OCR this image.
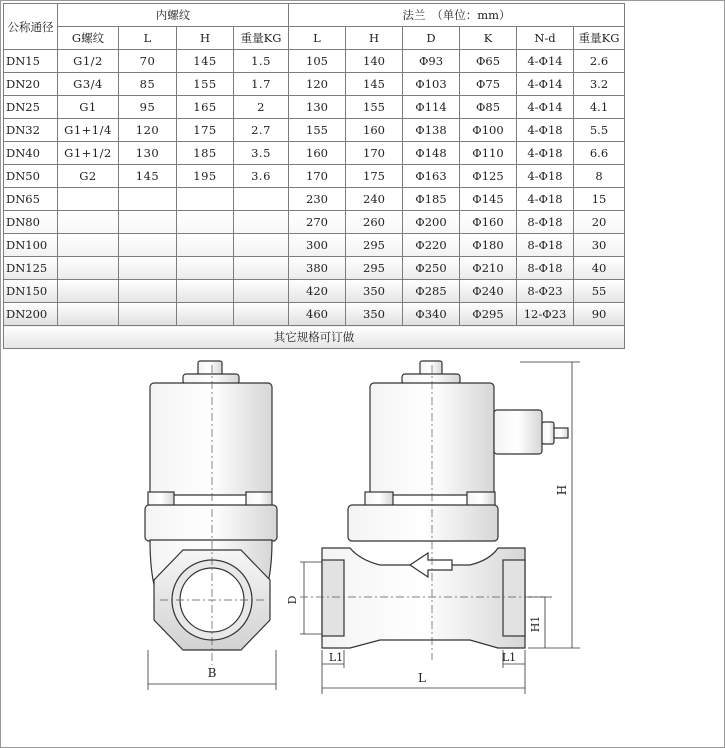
公称通径	内螺纹				法兰　（单位：mm）					
	G螺纹	L	H	重量KG	L	H	D	K	N-d	重量KG
DN15	G1/2	70	145	1.5	105	140	Φ93	Φ65	4-Φ14	2.6
DN20	G3/4	85	155	1.7	120	145	Φ103	Φ75	4-Φ14	3.2
DN25	G1	95	165	2	130	155	Φ114	Φ85	4-Φ14	4.1
DN32	G1+1/4	120	175	2.7	155	160	Φ138	Φ100	4-Φ18	5.5
DN40	G1+1/2	130	185	3.5	160	170	Φ148	Φ110	4-Φ18	6.6
DN50	G2	145	195	3.6	170	175	Φ163	Φ125	4-Φ18	8
DN65					230	240	Φ185	Φ145	4-Φ18	15
DN80					270	260	Φ200	Φ160	8-Φ18	20
DN100					300	295	Φ220	Φ180	8-Φ18	30
DN125					380	295	Φ250	Φ210	8-Φ18	40
DN150					420	350	Φ285	Φ240	8-Φ23	55
DN200					460	350	Φ340	Φ295	12-Φ23	90
其它规格可订做										
B
H
H1
D
L1	L1
L
